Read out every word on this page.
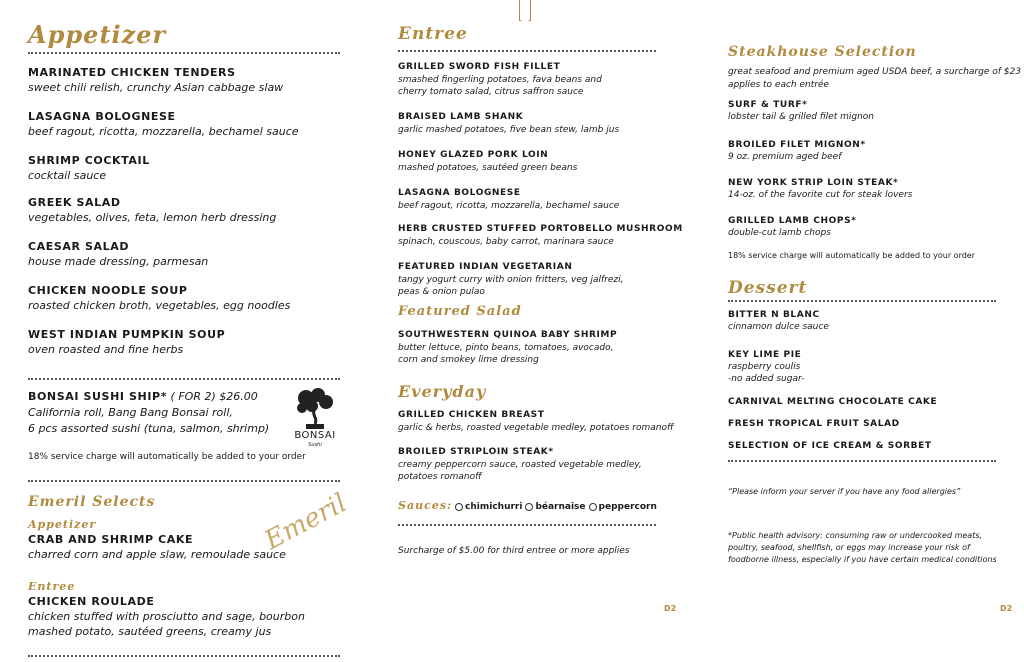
Appetizer
MARINATED CHICKEN TENDERS
sweet chili relish, crunchy Asian cabbage slaw
LASAGNA BOLOGNESE
beef ragout, ricotta, mozzarella, bechamel sauce
SHRIMP COCKTAIL
cocktail sauce
GREEK SALAD
vegetables, olives, feta, lemon herb dressing
CAESAR SALAD
house made dressing, parmesan
CHICKEN NOODLE SOUP
roasted chicken broth, vegetables, egg noodles
WEST INDIAN PUMPKIN SOUP
oven roasted and fine herbs
BONSAI SUSHI SHIP* ( FOR 2) $26.00
California roll, Bang Bang Bonsai roll,
6 pcs assorted sushi (tuna, salmon, shrimp)
18% service charge will automatically be added to your order
BONSAI
Sushi
Emeril Selects
Appetizer
CRAB AND SHRIMP CAKE
charred corn and apple slaw, remoulade sauce
Entree
CHICKEN ROULADE
chicken stuffed with prosciutto and sage, bourbon
mashed potato, sautéed greens, creamy jus
Emeril
Entree
GRILLED SWORD FISH FILLET
smashed fingerling potatoes, fava beans and
cherry tomato salad, citrus saffron sauce
BRAISED LAMB SHANK
garlic mashed potatoes, five bean stew, lamb jus
HONEY GLAZED PORK LOIN
mashed potatoes, sautéed green beans
LASAGNA BOLOGNESE
beef ragout, ricotta, mozzarella, bechamel sauce
HERB CRUSTED STUFFED PORTOBELLO MUSHROOM
spinach, couscous, baby carrot, marinara sauce
FEATURED INDIAN VEGETARIAN
tangy yogurt curry with onion fritters, veg jalfrezi,
peas & onion pulao
Featured Salad
SOUTHWESTERN QUINOA BABY SHRIMP
butter lettuce, pinto beans, tomatoes, avocado,
corn and smokey lime dressing
Everyday
GRILLED CHICKEN BREAST
garlic & herbs, roasted vegetable medley, potatoes romanoff
BROILED STRIPLOIN STEAK*
creamy peppercorn sauce, roasted vegetable medley,
potatoes romanoff
Sauces: chimichurri béarnaise peppercorn
Surcharge of $5.00 for third entree or more applies
D2
Steakhouse Selection
great seafood and premium aged USDA beef, a surcharge of $23
applies to each entrée
SURF & TURF*
lobster tail & grilled filet mignon
BROILED FILET MIGNON*
9 oz. premium aged beef
NEW YORK STRIP LOIN STEAK*
14-oz. of the favorite cut for steak lovers
GRILLED LAMB CHOPS*
double-cut lamb chops
18% service charge will automatically be added to your order
Dessert
BITTER N BLANC
cinnamon dulce sauce
KEY LIME PIE
raspberry coulis
-no added sugar-
CARNIVAL MELTING CHOCOLATE CAKE
FRESH TROPICAL FRUIT SALAD
SELECTION OF ICE CREAM & SORBET
“Please inform your server if you have any food allergies”
*Public health advisory: consuming raw or undercooked meats, poultry, seafood, shellfish, or eggs may increase your risk of foodborne illness, especially if you have certain medical conditions
D2
